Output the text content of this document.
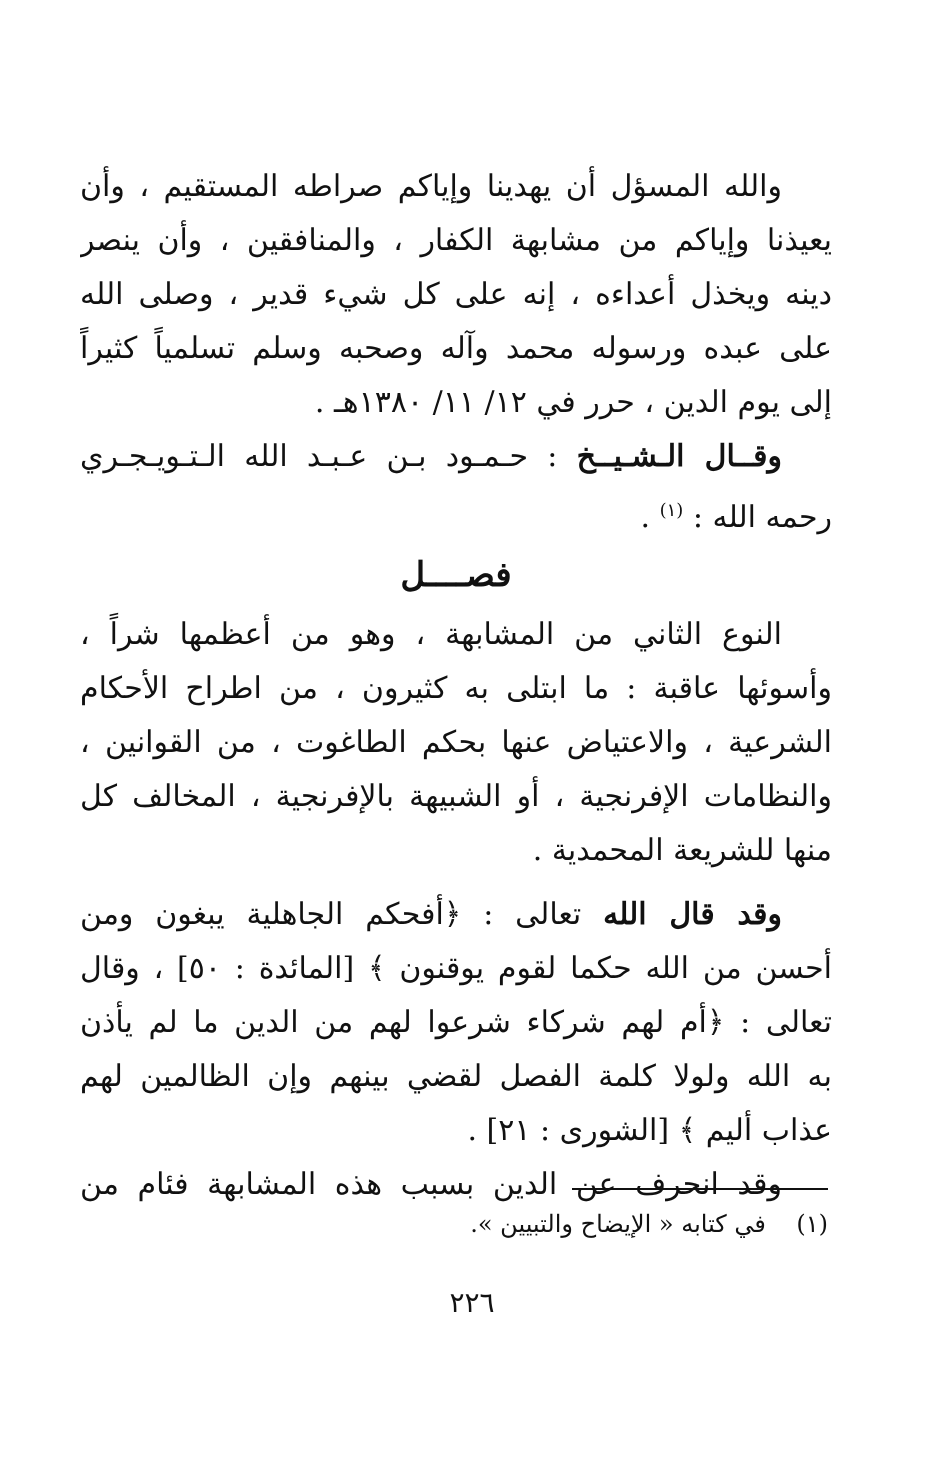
والله المسؤل أن يهدينا وإياكم صراطه المستقيم ، وأن
يعيذنا وإياكم من مشابهة الكفار ، والمنافقين ، وأن ينصر
دينه ويخذل أعداءه ، إنه على كل شيء قدير ، وصلى الله
على عبده ورسوله محمد وآله وصحبه وسلم تسلمياً كثيراً
إلى يوم الدين ، حرر في ١٢/ ١١/ ١٣٨٠هـ .
وقــال الـشـيــخ : حـمـود بـن عـبـد الله الـتـويـجـري
رحمه الله : $^{(١)}$ .
فصــــل
النوع الثاني من المشابهة ، وهو من أعظمها شراً ،
وأسوئها عاقبة : ما ابتلى به كثيرون ، من اطراح الأحكام
الشرعية ، والاعتياض عنها بحكم الطاغوت ، من القوانين ،
والنظامات الإفرنجية ، أو الشبيهة بالإفرنجية ، المخالف كل
منها للشريعة المحمدية .
وقد قال الله تعالى : ﴿أفحكم الجاهلية يبغون ومن
أحسن من الله حكما لقوم يوقنون ﴾ [المائدة : ٥٠] ، وقال
تعالى : ﴿أم لهم شركاء شرعوا لهم من الدين ما لم يأذن
به الله ولولا كلمة الفصل لقضي بينهم وإن الظالمين لهم
عذاب أليم ﴾ [الشورى : ٢١] .
وقد انحرف عن الدين بسبب هذه المشابهة فئام من
(١)    في كتابه « الإيضاح والتبيين ».
٢٢٦
